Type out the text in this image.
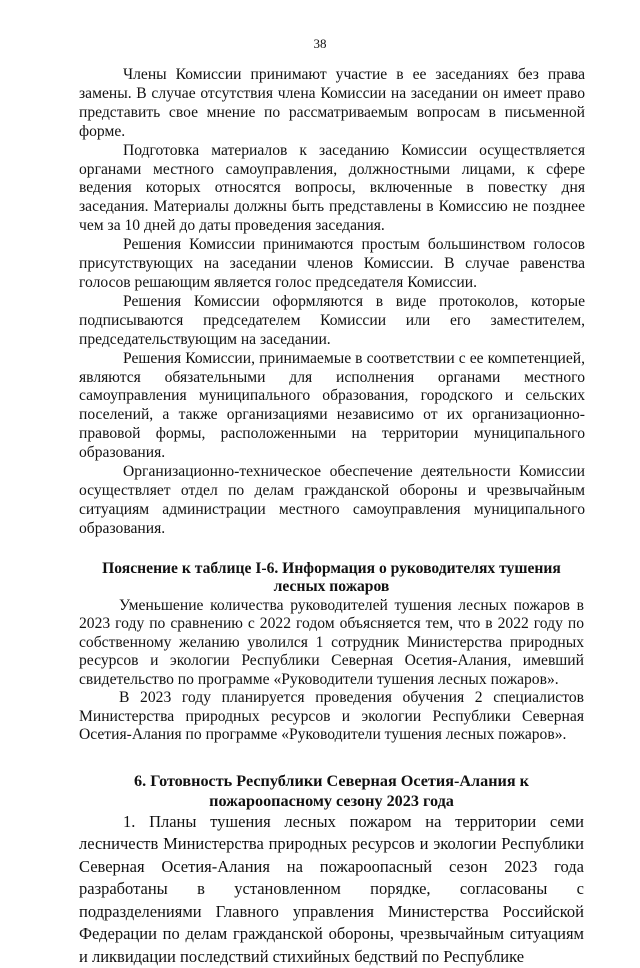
38

Члены Комиссии принимают участие в ее заседаниях без права замены. В случае отсутствия члена Комиссии на заседании он имеет право представить свое мнение по рассматриваемым вопросам в письменной форме.

Подготовка материалов к заседанию Комиссии осуществляется органами местного самоуправления, должностными лицами, к сфере ведения которых относятся вопросы, включенные в повестку дня заседания. Материалы должны быть представлены в Комиссию не позднее чем за 10 дней до даты проведения заседания.

Решения Комиссии принимаются простым большинством голосов присутствующих на заседании членов Комиссии. В случае равенства голосов решающим является голос председателя Комиссии.

Решения Комиссии оформляются в виде протоколов, которые подписываются председателем Комиссии или его заместителем, председательствующим на заседании.

Решения Комиссии, принимаемые в соответствии с ее компетенцией, являются обязательными для исполнения органами местного самоуправления муниципального образования, городского и сельских поселений, а также организациями независимо от их организационно-правовой формы, расположенными на территории муниципального образования.

Организационно-техническое обеспечение деятельности Комиссии осуществляет отдел по делам гражданской обороны и чрезвычайным ситуациям администрации местного самоуправления муниципального образования.

Пояснение к таблице I-6. Информация о руководителях тушения лесных пожаров

Уменьшение количества руководителей тушения лесных пожаров в 2023 году по сравнению с 2022 годом объясняется тем, что в 2022 году по собственному желанию уволился 1 сотрудник Министерства природных ресурсов и экологии Республики Северная Осетия-Алания, имевший свидетельство по программе «Руководители тушения лесных пожаров».

В 2023 году планируется проведения обучения 2 специалистов Министерства природных ресурсов и экологии Республики Северная Осетия-Алания по программе «Руководители тушения лесных пожаров».

6. Готовность Республики Северная Осетия-Алания к пожароопасному сезону 2023 года

1. Планы тушения лесных пожаром на территории семи лесничеств Министерства природных ресурсов и экологии Республики Северная Осетия-Алания на пожароопасный сезон 2023 года разработаны в установленном порядке, согласованы с подразделениями Главного управления Министерства Российской Федерации по делам гражданской обороны, чрезвычайным ситуациям и ликвидации последствий стихийных бедствий по Республике
